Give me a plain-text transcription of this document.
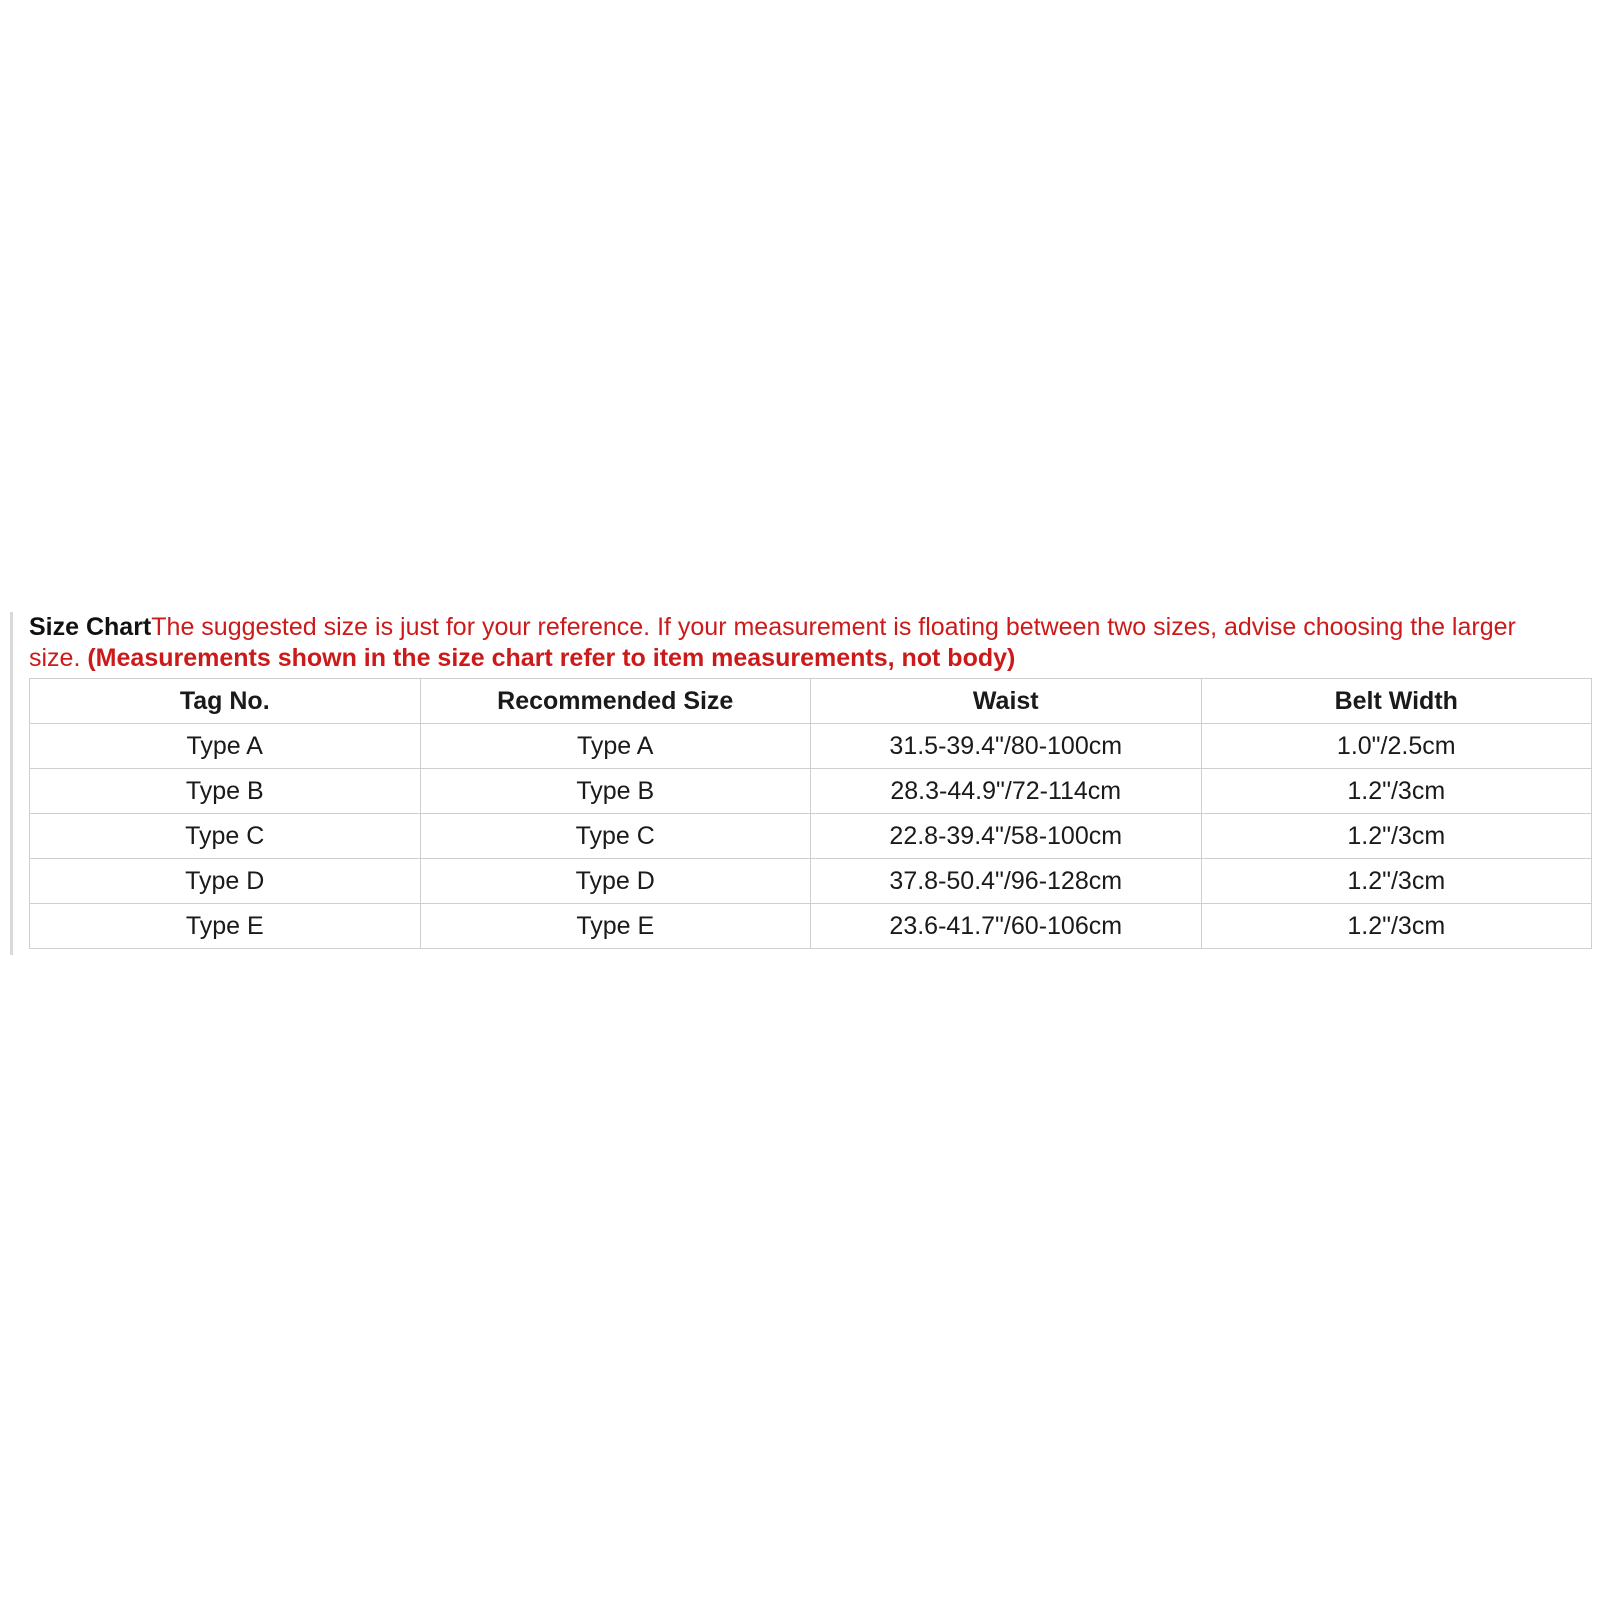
Size ChartThe suggested size is just for your reference. If your measurement is floating between two sizes, advise choosing the larger size. (Measurements shown in the size chart refer to item measurements, not body)

Tag No.	Recommended Size	Waist	Belt Width
Type A	Type A	31.5-39.4"/80-100cm	1.0"/2.5cm
Type B	Type B	28.3-44.9"/72-114cm	1.2"/3cm
Type C	Type C	22.8-39.4"/58-100cm	1.2"/3cm
Type D	Type D	37.8-50.4"/96-128cm	1.2"/3cm
Type E	Type E	23.6-41.7"/60-106cm	1.2"/3cm
